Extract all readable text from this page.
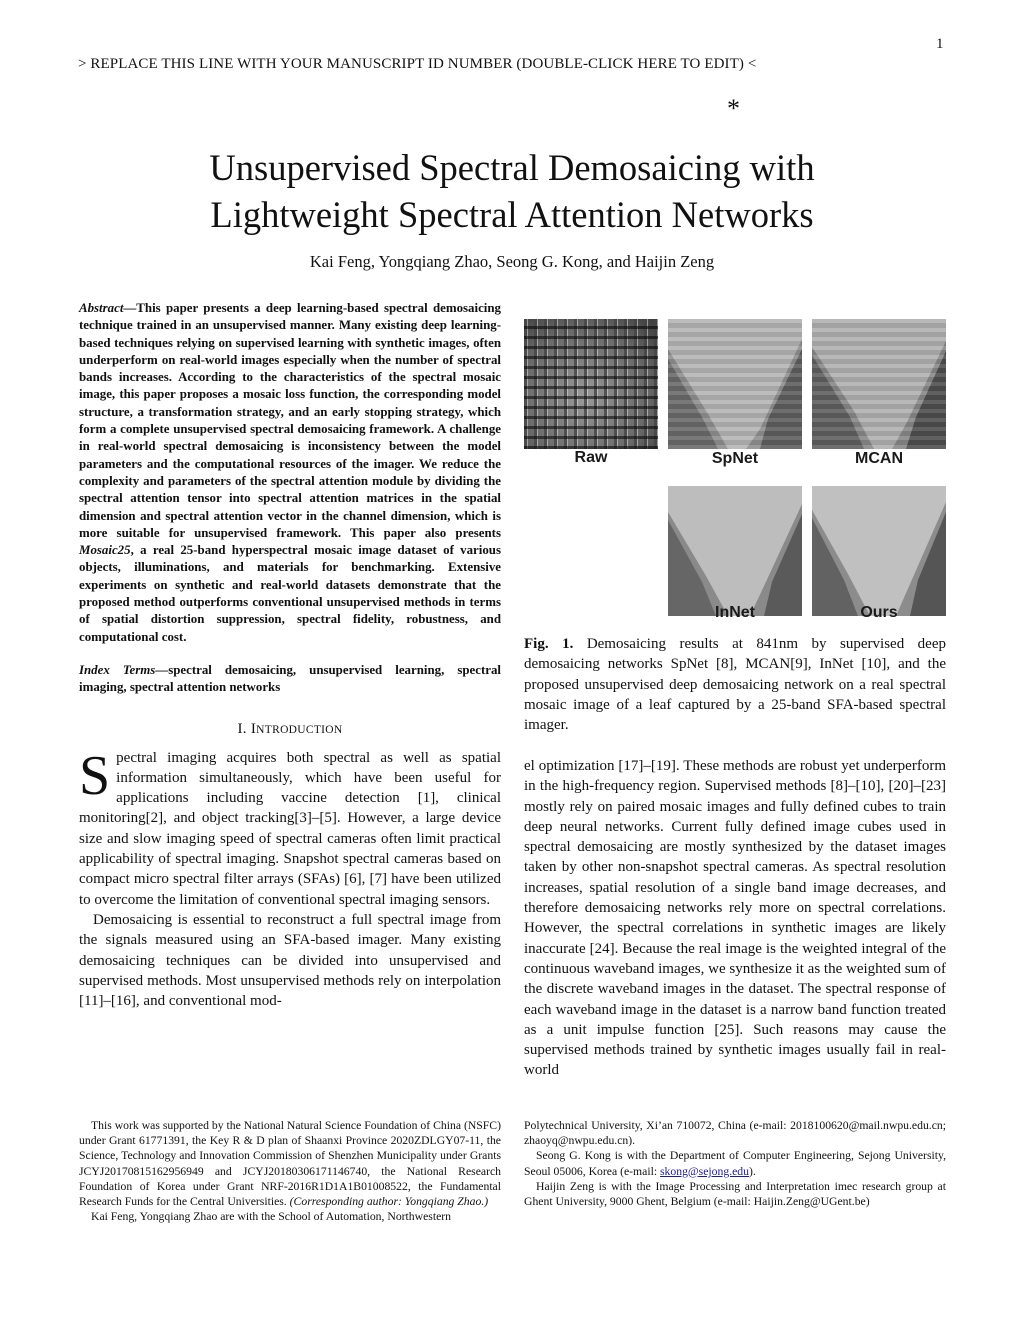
1
> REPLACE THIS LINE WITH YOUR MANUSCRIPT ID NUMBER (DOUBLE-CLICK HERE TO EDIT) <
*
Unsupervised Spectral Demosaicing with
Lightweight Spectral Attention Networks
Kai Feng, Yongqiang Zhao, Seong G. Kong, and Haijin Zeng

Abstract—This paper presents a deep learning-based spectral demosaicing technique trained in an unsupervised manner. Many existing deep learning-based techniques relying on supervised learning with synthetic images, often underperform on real-world images especially when the number of spectral bands increases. According to the characteristics of the spectral mosaic image, this paper proposes a mosaic loss function, the corresponding model structure, a transformation strategy, and an early stopping strategy, which form a complete unsupervised spectral demosaicing framework. A challenge in real-world spectral demosaicing is inconsistency between the model parameters and the computational resources of the imager. We reduce the complexity and parameters of the spectral attention module by dividing the spectral attention tensor into spectral attention matrices in the spatial dimension and spectral attention vector in the channel dimension, which is more suitable for unsupervised framework. This paper also presents Mosaic25, a real 25-band hyperspectral mosaic image dataset of various objects, illuminations, and materials for benchmarking. Extensive experiments on synthetic and real-world datasets demonstrate that the proposed method outperforms conventional unsupervised methods in terms of spatial distortion suppression, spectral fidelity, robustness, and computational cost.

Index Terms—spectral demosaicing, unsupervised learning, spectral imaging, spectral attention networks

I. INTRODUCTION

Spectral imaging acquires both spectral as well as spatial information simultaneously, which have been useful for applications including vaccine detection [1], clinical monitoring[2], and object tracking[3]–[5]. However, a large device size and slow imaging speed of spectral cameras often limit practical applicability of spectral imaging. Snapshot spectral cameras based on compact micro spectral filter arrays (SFAs) [6], [7] have been utilized to overcome the limitation of conventional spectral imaging sensors.

Demosaicing is essential to reconstruct a full spectral image from the signals measured using an SFA-based imager. Many existing demosaicing techniques can be divided into unsupervised and supervised methods. Most unsupervised methods rely on interpolation [11]–[16], and conventional mod-

Raw	SpNet	MCAN
InNet	Ours

Fig. 1. Demosaicing results at 841nm by supervised deep demosaicing networks SpNet [8], MCAN[9], InNet [10], and the proposed unsupervised deep demosaicing network on a real spectral mosaic image of a leaf captured by a 25-band SFA-based spectral imager.

el optimization [17]–[19]. These methods are robust yet underperform in the high-frequency region. Supervised methods [8]–[10], [20]–[23] mostly rely on paired mosaic images and fully defined cubes to train deep neural networks. Current fully defined image cubes used in spectral demosaicing are mostly synthesized by the dataset images taken by other non-snapshot spectral cameras. As spectral resolution increases, spatial resolution of a single band image decreases, and therefore demosaicing networks rely more on spectral correlations. However, the spectral correlations in synthetic images are likely inaccurate [24]. Because the real image is the weighted integral of the continuous waveband images, we synthesize it as the weighted sum of the discrete waveband images in the dataset. The spectral response of each waveband image in the dataset is a narrow band function treated as a unit impulse function [25]. Such reasons may cause the supervised methods trained by synthetic images usually fail in real-world

This work was supported by the National Natural Science Foundation of China (NSFC) under Grant 61771391, the Key R & D plan of Shaanxi Province 2020ZDLGY07-11, the Science, Technology and Innovation Commission of Shenzhen Municipality under Grants JCYJ20170815162956949 and JCYJ20180306171146740, the National Research Foundation of Korea under Grant NRF-2016R1D1A1B01008522, the Fundamental Research Funds for the Central Universities. (Corresponding author: Yongqiang Zhao.)

Kai Feng, Yongqiang Zhao are with the School of Automation, Northwestern

Polytechnical University, Xi’an 710072, China (e-mail: 2018100620@mail.nwpu.edu.cn; zhaoyq@nwpu.edu.cn).

Seong G. Kong is with the Department of Computer Engineering, Sejong University, Seoul 05006, Korea (e-mail: skong@sejong.edu).

Haijin Zeng is with the Image Processing and Interpretation imec research group at Ghent University, 9000 Ghent, Belgium (e-mail: Haijin.Zeng@UGent.be)
